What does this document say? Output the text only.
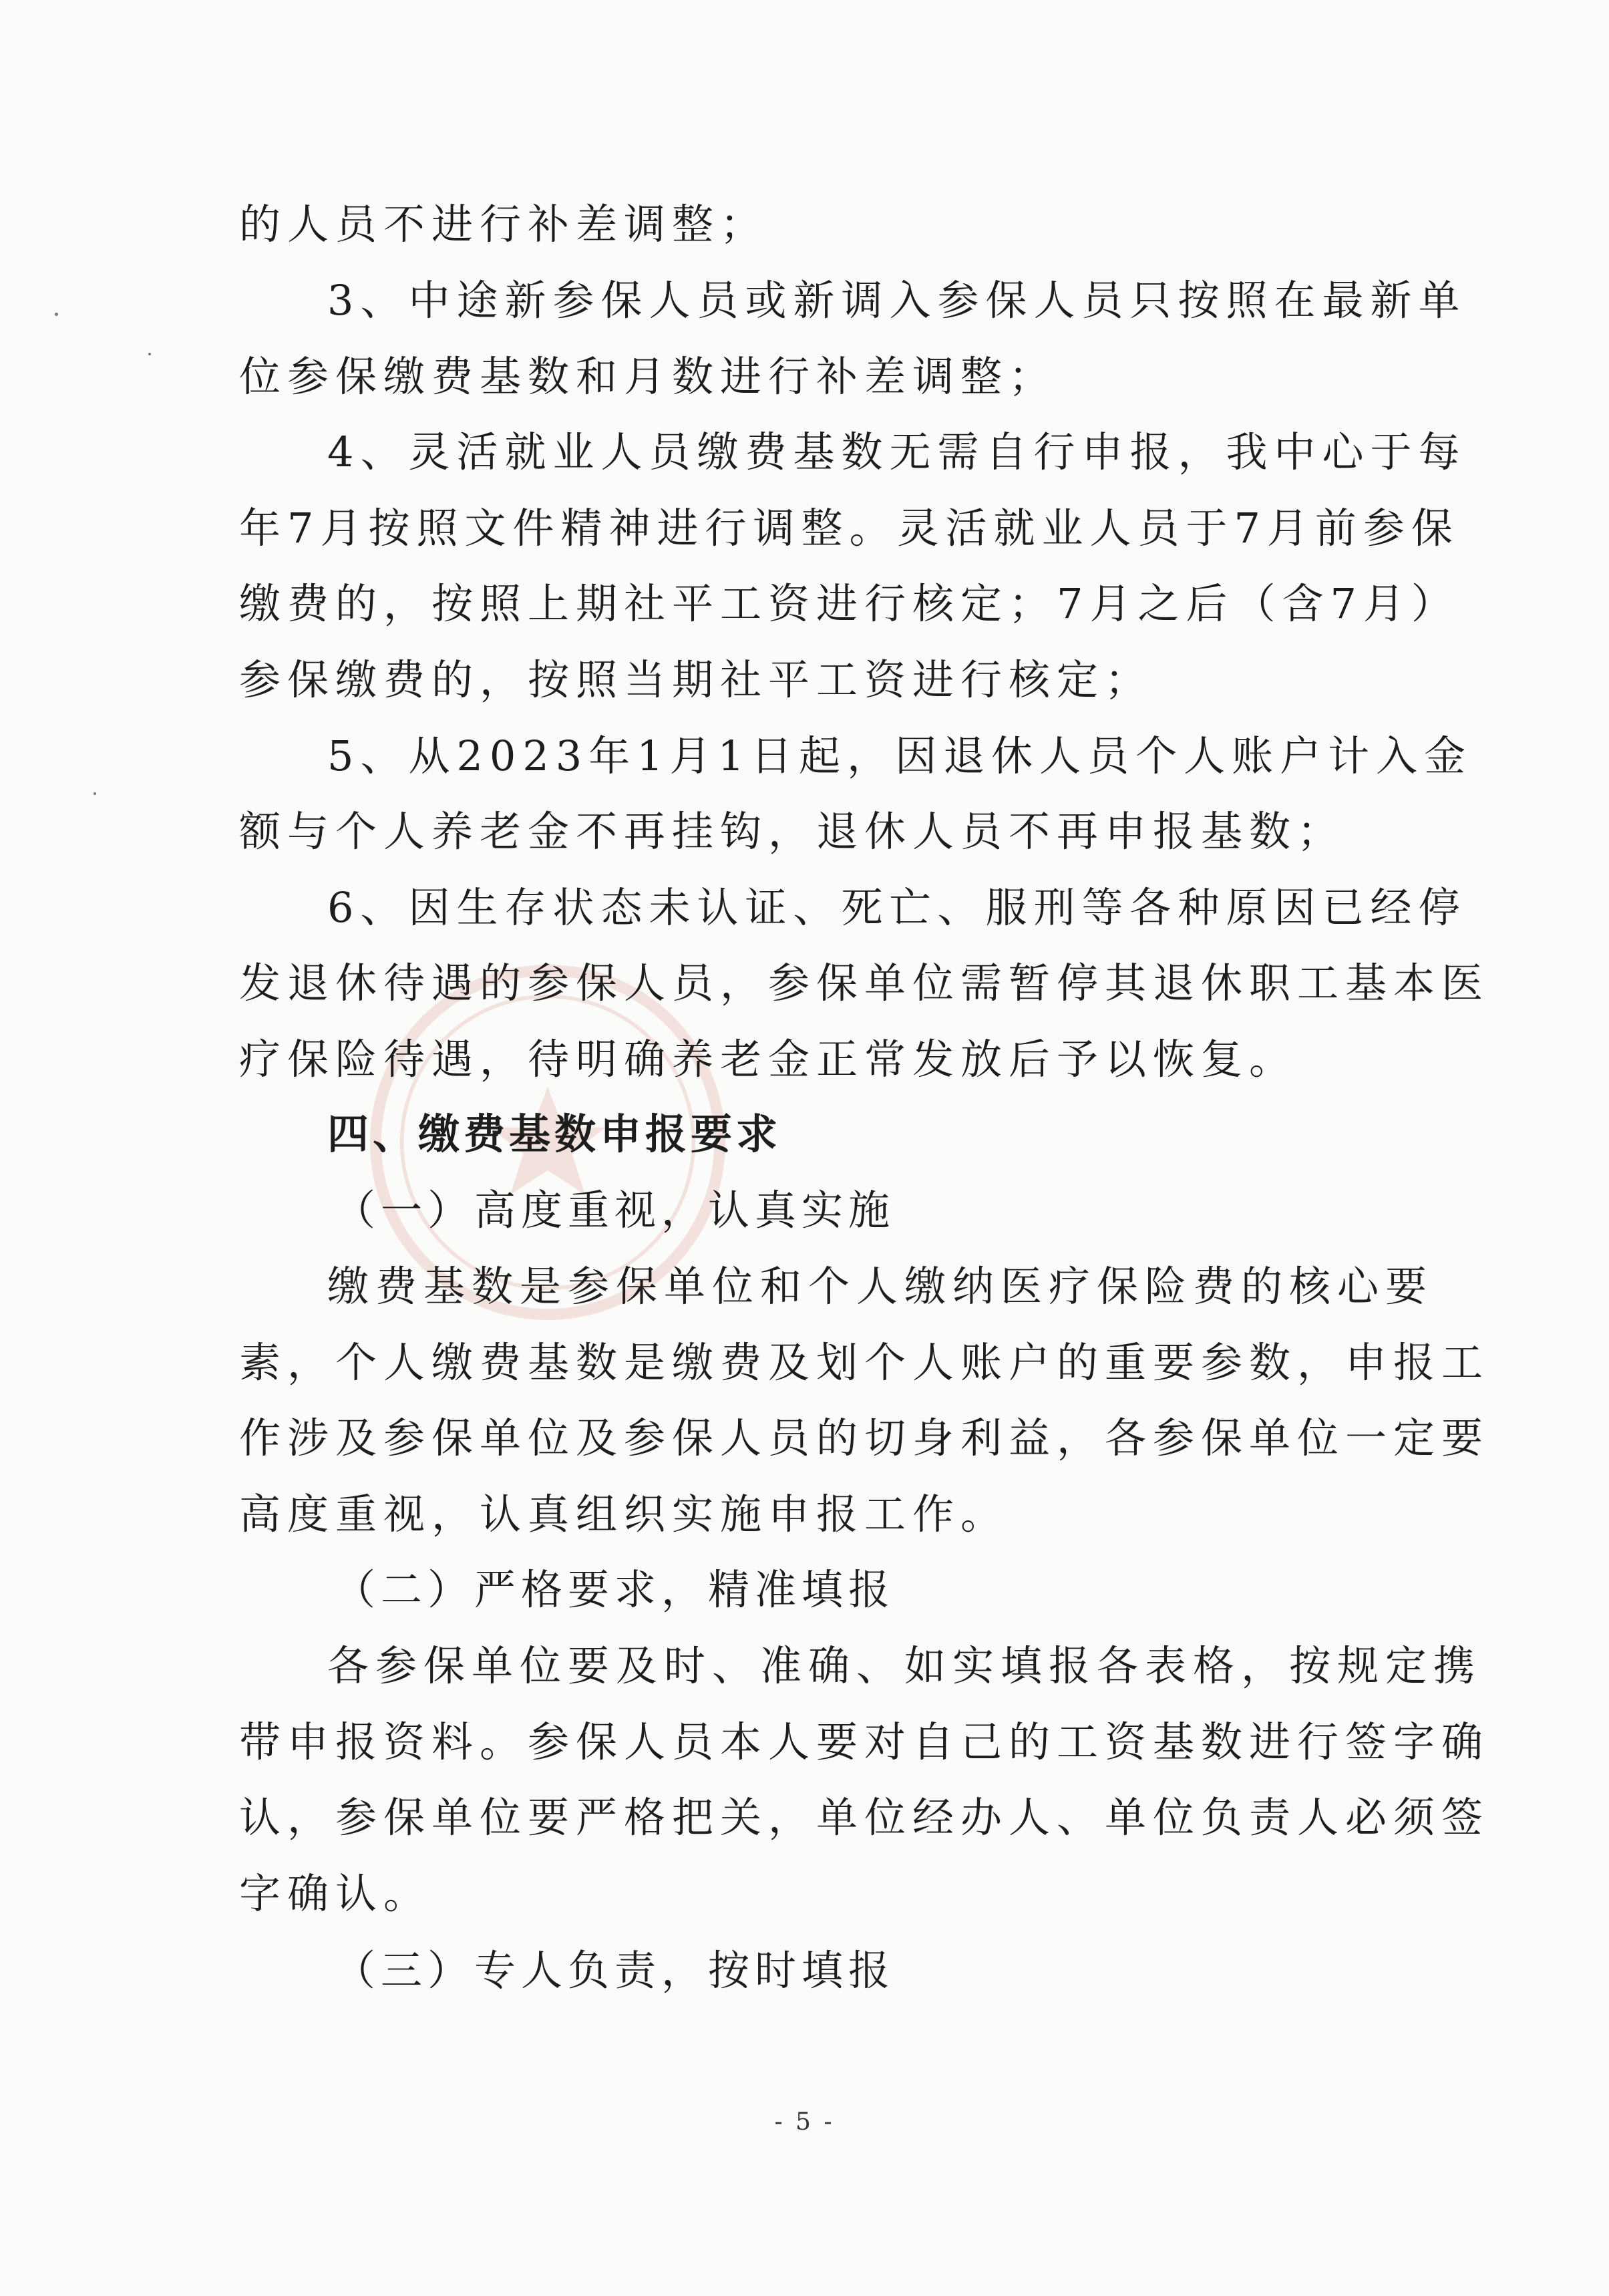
的人员不进行补差调整；
3、中途新参保人员或新调入参保人员只按照在最新单
位参保缴费基数和月数进行补差调整；
4、灵活就业人员缴费基数无需自行申报，我中心于每
年7月按照文件精神进行调整。灵活就业人员于7月前参保
缴费的，按照上期社平工资进行核定；7月之后（含7月）
参保缴费的，按照当期社平工资进行核定；
5、从2023年1月1日起，因退休人员个人账户计入金
额与个人养老金不再挂钩，退休人员不再申报基数；
6、因生存状态未认证、死亡、服刑等各种原因已经停
发退休待遇的参保人员，参保单位需暂停其退休职工基本医
疗保险待遇，待明确养老金正常发放后予以恢复。
四、缴费基数申报要求
（一）高度重视，认真实施
缴费基数是参保单位和个人缴纳医疗保险费的核心要
素，个人缴费基数是缴费及划个人账户的重要参数，申报工
作涉及参保单位及参保人员的切身利益，各参保单位一定要
高度重视，认真组织实施申报工作。
（二）严格要求，精准填报
各参保单位要及时、准确、如实填报各表格，按规定携
带申报资料。参保人员本人要对自己的工资基数进行签字确
认，参保单位要严格把关，单位经办人、单位负责人必须签
字确认。
（三）专人负责，按时填报
- 5 -
